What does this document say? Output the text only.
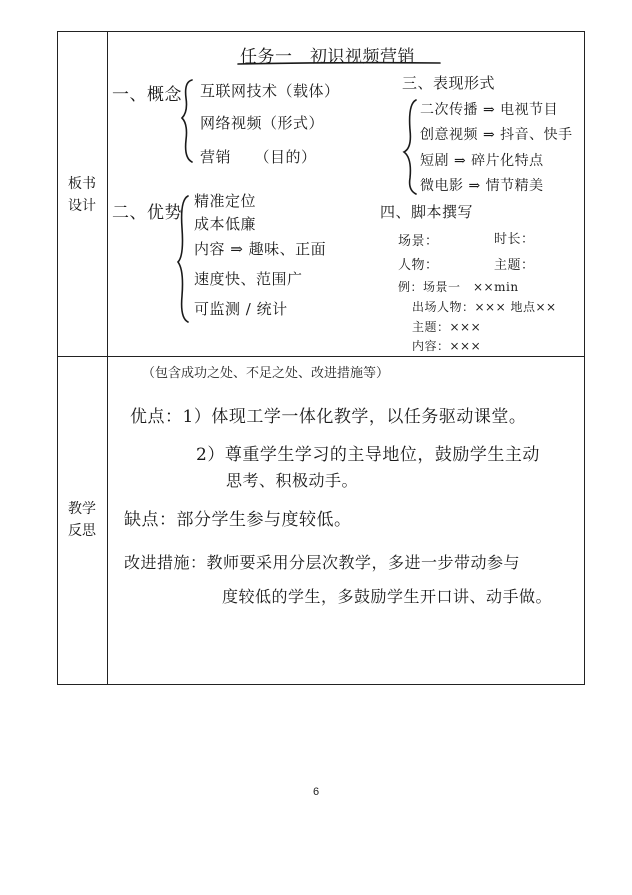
板书
设计
教学
反思
任务一　初识视频营销
一、概念 互联网技术（载体）
网络视频（形式）
营销　　（目的）
三、表现形式
二次传播 ⇒ 电视节目
创意视频 ⇒ 抖音、快手
短剧 ⇒ 碎片化特点
微电影 ⇒ 情节精美
二、优势
精准定位
成本低廉
内容 ⇒ 趣味、正面
速度快、范围广
可监测 / 统计
四、脚本撰写
场景：	时长：
人物：	主题：
例：场景一　××min
出场人物：××× 地点××
主题：×××
内容：×××
（包含成功之处、不足之处、改进措施等）
优点：1）体现工学一体化教学，以任务驱动课堂。
2）尊重学生学习的主导地位，鼓励学生主动
思考、积极动手。
缺点：部分学生参与度较低。
改进措施：教师要采用分层次教学，多进一步带动参与
度较低的学生，多鼓励学生开口讲、动手做。
6
